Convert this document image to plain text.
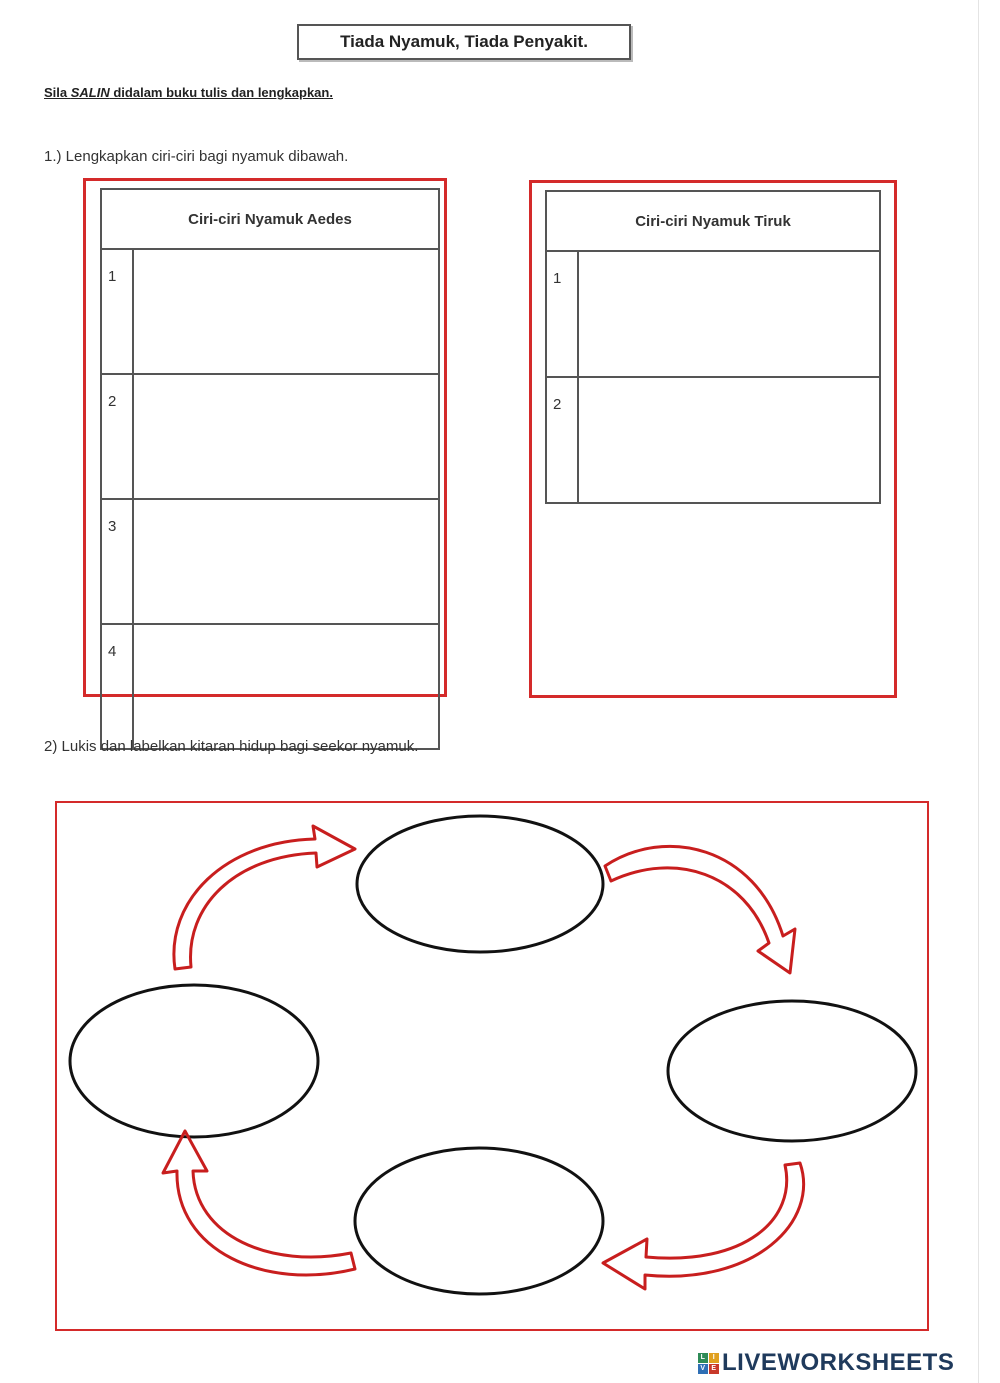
Tiada Nyamuk, Tiada Penyakit.
Sila SALIN didalam buku tulis dan lengkapkan.
1.) Lengkapkan ciri-ciri bagi nyamuk dibawah.
Ciri-ciri Nyamuk Aedes	
1	
2	
3	
4	
Ciri-ciri Nyamuk Tiruk	
1	
2	
2) Lukis dan labelkan kitaran hidup bagi seekor nyamuk.
L	I
V E LIVEWORKSHEETS
